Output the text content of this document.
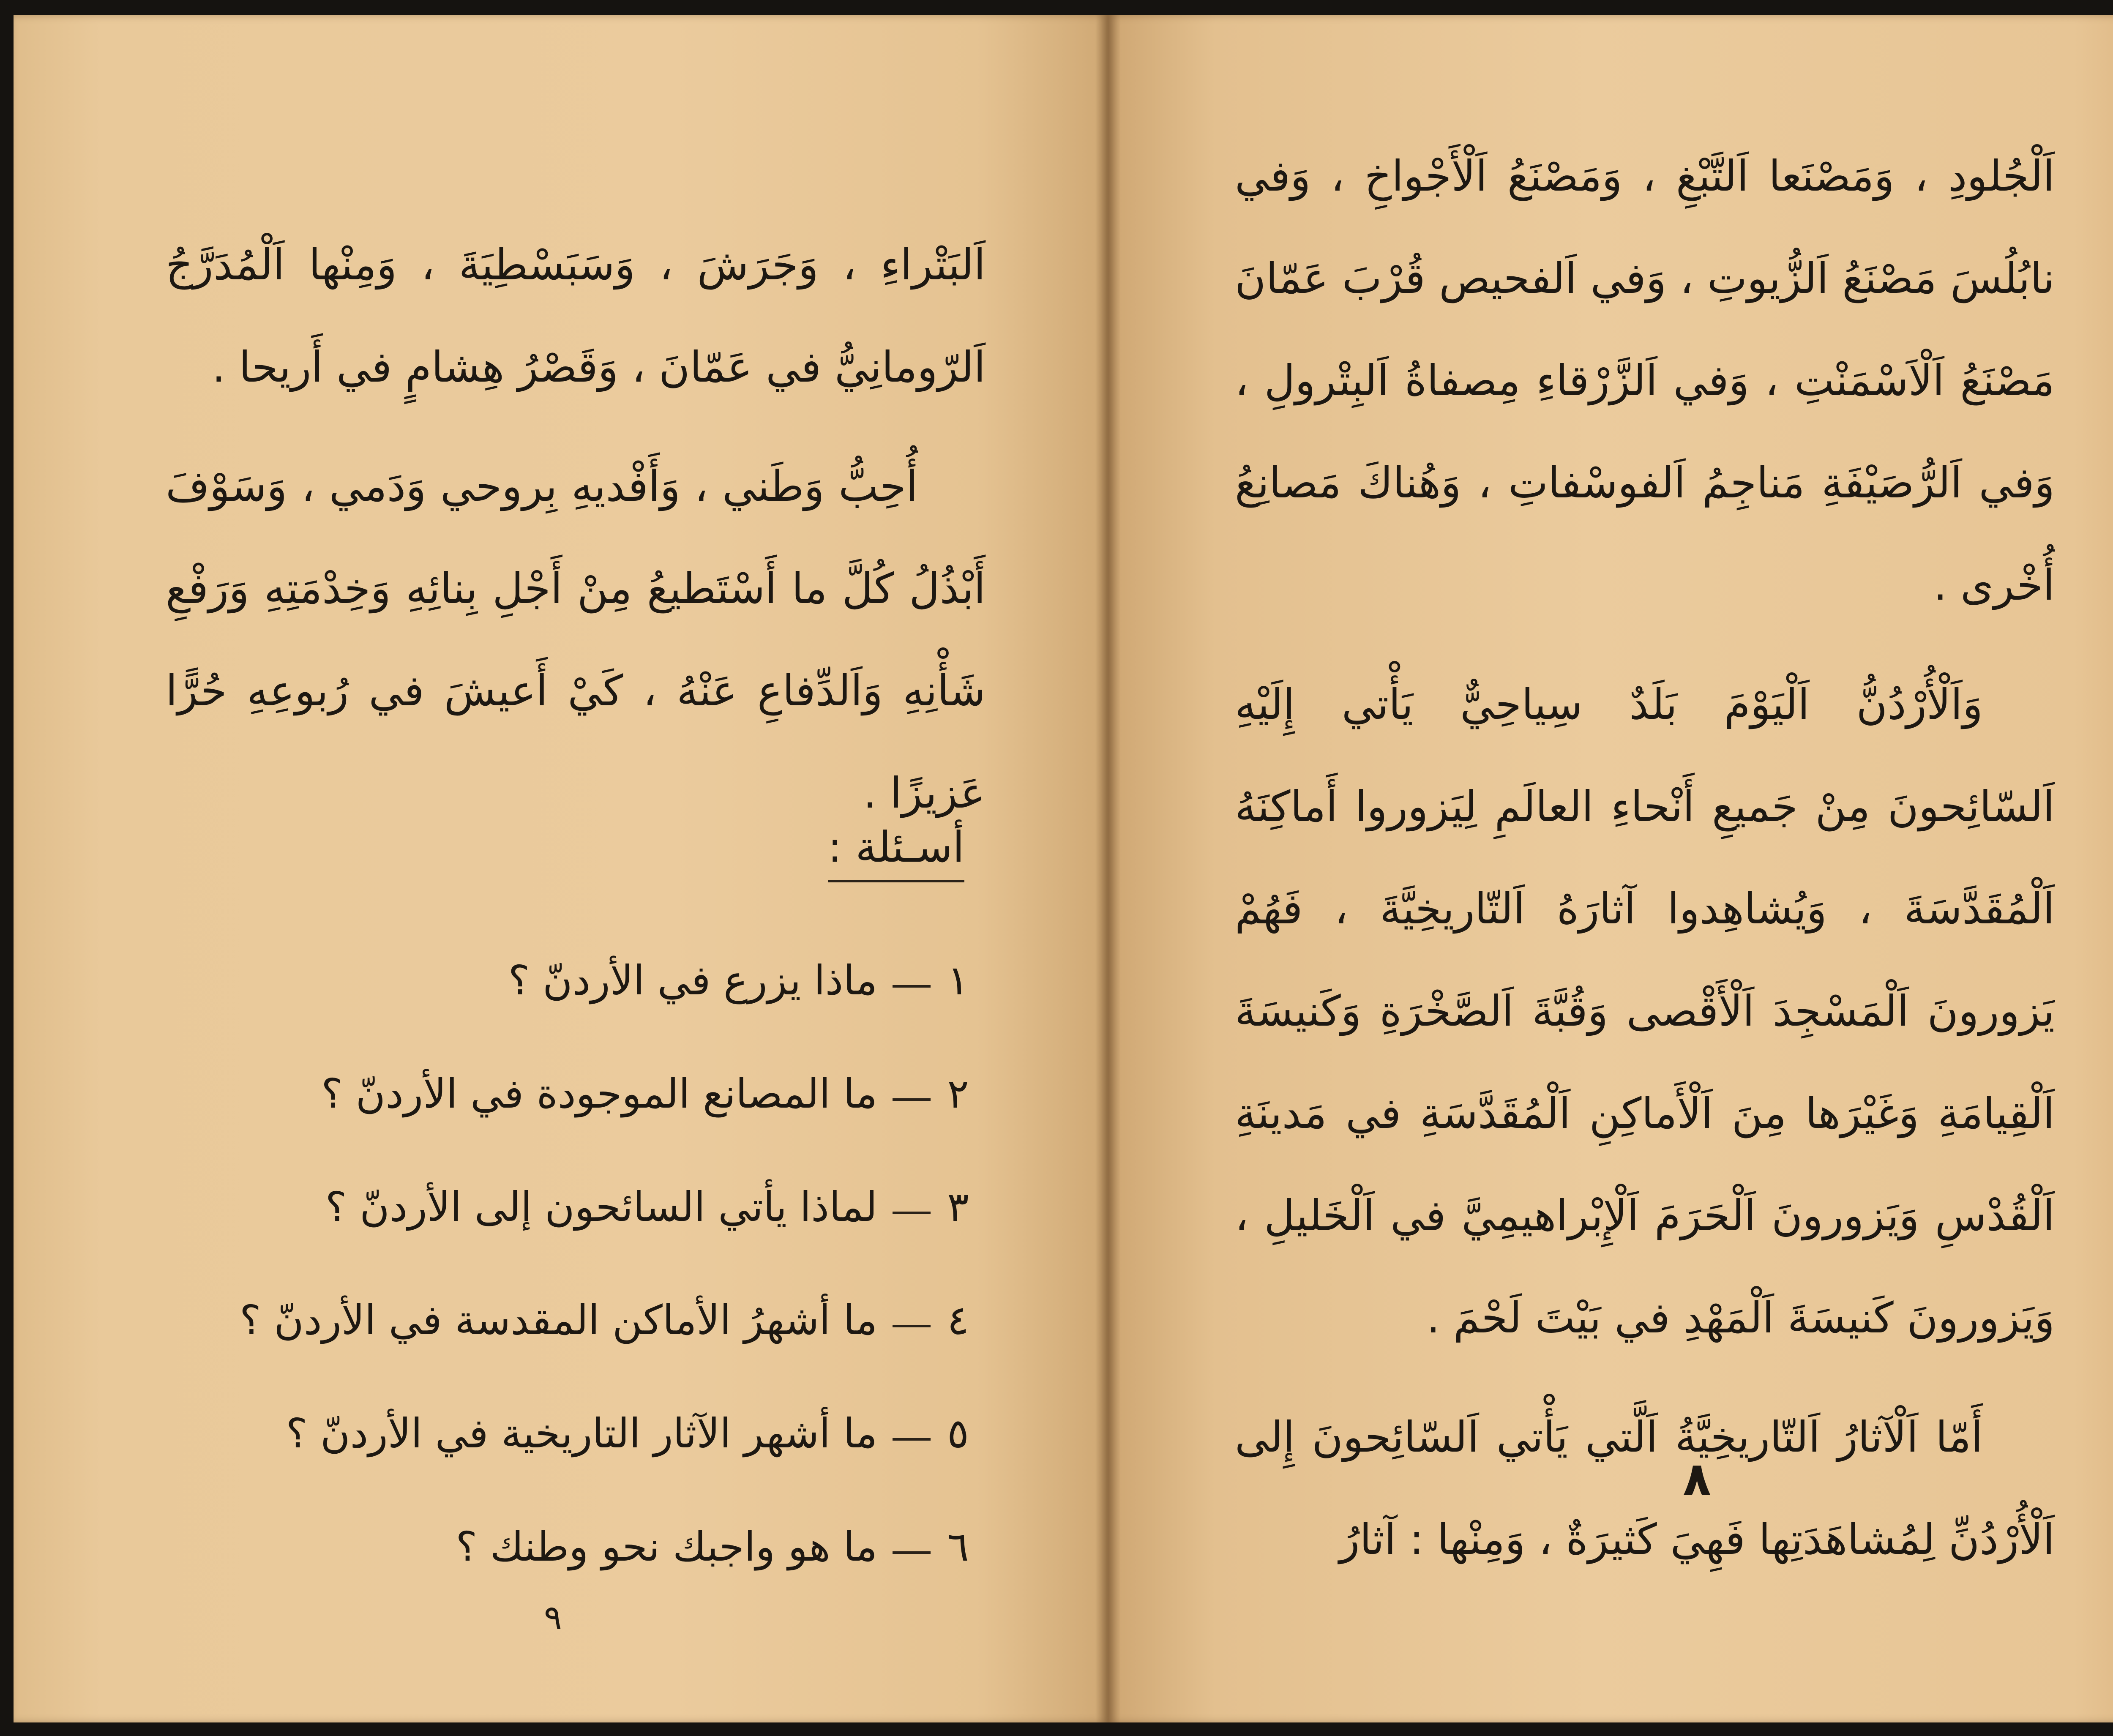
اَلبَتْراءِ ، وَجَرَشَ ، وَسَبَسْطِيَةَ ، وَمِنْها اَلْمُدَرَّجُ اَلرّومانِيُّ في عَمّانَ ، وَقَصْرُ هِشامٍ في أَريحا .

أُحِبُّ وَطَني ، وَأَفْديهِ بِروحي وَدَمي ، وَسَوْفَ أَبْذُلُ كُلَّ ما أَسْتَطيعُ مِنْ أَجْلِ بِنائِهِ وَخِدْمَتِهِ وَرَفْعِ شَأْنِهِ وَاَلدِّفاعِ عَنْهُ ، كَيْ أَعيشَ في رُبوعِهِ حُرًّا عَزيزًا .

أسـئلة :
١
ماذا يزرع في الأردنّ ؟
٢
ما المصانع الموجودة في الأردنّ ؟
٣
لماذا يأتي السائحون إلى الأردنّ ؟
٤
ما أشهرُ الأماكن المقدسة في الأردنّ ؟
٥
ما أشهر الآثار التاريخية في الأردنّ ؟
٦
ما هو واجبك نحو وطنك ؟
٩

اَلْجُلودِ ، وَمَصْنَعا اَلتَّبْغِ ، وَمَصْنَعُ اَلْأَجْواخِ ، وَفي نابُلُسَ مَصْنَعُ اَلزُّيوتِ ، وَفي اَلفحيص قُرْبَ عَمّانَ مَصْنَعُ اَلْاَسْمَنْتِ ، وَفي اَلزَّرْقاءِ مِصفاةُ اَلبِتْرولِ ، وَفي اَلرُّصَيْفَةِ مَناجِمُ اَلفوسْفاتِ ، وَهُناكَ مَصانِعُ أُخْرى .

وَاَلْأُرْدُنُّ اَلْيَوْمَ بَلَدٌ سِياحِيٌّ يَأْتي إِلَيْهِ اَلسّائِحونَ مِنْ جَميعِ أَنْحاءِ العالَمِ لِيَزوروا أَماكِنَهُ اَلْمُقَدَّسَةَ ، وَيُشاهِدوا آثارَهُ اَلتّاريخِيَّةَ ، فَهُمْ يَزورونَ اَلْمَسْجِدَ اَلْأَقْصى وَقُبَّةَ اَلصَّخْرَةِ وَكَنيسَةَ اَلْقِيامَةِ وَغَيْرَها مِنَ اَلْأَماكِنِ اَلْمُقَدَّسَةِ في مَدينَةِ اَلْقُدْسِ وَيَزورونَ اَلْحَرَمَ اَلْإِبْراهيمِيَّ في اَلْخَليلِ ، وَيَزورونَ كَنيسَةَ اَلْمَهْدِ في بَيْتَ لَحْمَ .

أَمّا اَلْآثارُ اَلتّاريخِيَّةُ اَلَّتي يَأْتي اَلسّائِحونَ إِلى اَلْأُرْدُنِّ لِمُشاهَدَتِها فَهِيَ كَثيرَةٌ ، وَمِنْها : آثارُ

٨
